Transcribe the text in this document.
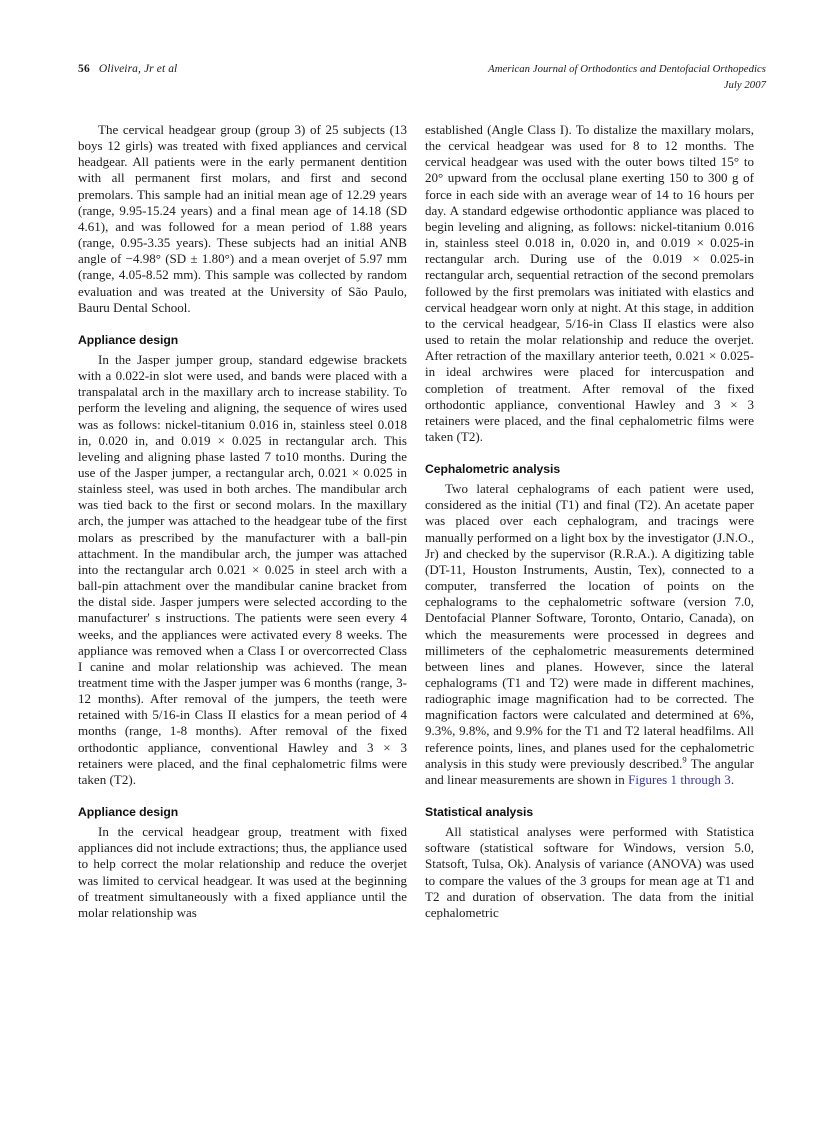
56 Oliveira, Jr et al	American Journal of Orthodontics and Dentofacial Orthopedics
July 2007

The cervical headgear group (group 3) of 25 subjects (13 boys 12 girls) was treated with fixed appliances and cervical headgear. All patients were in the early permanent dentition with all permanent first molars, and first and second premolars. This sample had an initial mean age of 12.29 years (range, 9.95-15.24 years) and a final mean age of 14.18 (SD 4.61), and was followed for a mean period of 1.88 years (range, 0.95-3.35 years). These subjects had an initial ANB angle of −4.98° (SD ± 1.80°) and a mean overjet of 5.97 mm (range, 4.05-8.52 mm). This sample was collected by random evaluation and was treated at the University of São Paulo, Bauru Dental School.

Appliance design

In the Jasper jumper group, standard edgewise brackets with a 0.022-in slot were used, and bands were placed with a transpalatal arch in the maxillary arch to increase stability. To perform the leveling and aligning, the sequence of wires used was as follows: nickel-titanium 0.016 in, stainless steel 0.018 in, 0.020 in, and 0.019 × 0.025 in rectangular arch. This leveling and aligning phase lasted 7 to10 months. During the use of the Jasper jumper, a rectangular arch, 0.021 × 0.025 in stainless steel, was used in both arches. The mandibular arch was tied back to the first or second molars. In the maxillary arch, the jumper was attached to the headgear tube of the first molars as prescribed by the manufacturer with a ball-pin attachment. In the mandibular arch, the jumper was attached into the rectangular arch 0.021 × 0.025 in steel arch with a ball-pin attachment over the mandibular canine bracket from the distal side. Jasper jumpers were selected according to the manufacturer' s instructions. The patients were seen every 4 weeks, and the appliances were activated every 8 weeks. The appliance was removed when a Class I or overcorrected Class I canine and molar relationship was achieved. The mean treatment time with the Jasper jumper was 6 months (range, 3-12 months). After removal of the jumpers, the teeth were retained with 5/16-in Class II elastics for a mean period of 4 months (range, 1-8 months). After removal of the fixed orthodontic appliance, conventional Hawley and 3 × 3 retainers were placed, and the final cephalometric films were taken (T2).

Appliance design

In the cervical headgear group, treatment with fixed appliances did not include extractions; thus, the appliance used to help correct the molar relationship and reduce the overjet was limited to cervical headgear. It was used at the beginning of treatment simultaneously with a fixed appliance until the molar relationship was

established (Angle Class I). To distalize the maxillary molars, the cervical headgear was used for 8 to 12 months. The cervical headgear was used with the outer bows tilted 15° to 20° upward from the occlusal plane exerting 150 to 300 g of force in each side with an average wear of 14 to 16 hours per day. A standard edgewise orthodontic appliance was placed to begin leveling and aligning, as follows: nickel-titanium 0.016 in, stainless steel 0.018 in, 0.020 in, and 0.019 × 0.025-in rectangular arch. During use of the 0.019 × 0.025-in rectangular arch, sequential retraction of the second premolars followed by the first premolars was initiated with elastics and cervical headgear worn only at night. At this stage, in addition to the cervical headgear, 5/16-in Class II elastics were also used to retain the molar relationship and reduce the overjet. After retraction of the maxillary anterior teeth, 0.021 × 0.025-in ideal archwires were placed for intercuspation and completion of treatment. After removal of the fixed orthodontic appliance, conventional Hawley and 3 × 3 retainers were placed, and the final cephalometric films were taken (T2).

Cephalometric analysis

Two lateral cephalograms of each patient were used, considered as the initial (T1) and final (T2). An acetate paper was placed over each cephalogram, and tracings were manually performed on a light box by the investigator (J.N.O., Jr) and checked by the supervisor (R.R.A.). A digitizing table (DT-11, Houston Instruments, Austin, Tex), connected to a computer, transferred the location of points on the cephalograms to the cephalometric software (version 7.0, Dentofacial Planner Software, Toronto, Ontario, Canada), on which the measurements were processed in degrees and millimeters of the cephalometric measurements determined between lines and planes. However, since the lateral cephalograms (T1 and T2) were made in different machines, radiographic image magnification had to be corrected. The magnification factors were calculated and determined at 6%, 9.3%, 9.8%, and 9.9% for the T1 and T2 lateral headfilms. All reference points, lines, and planes used for the cephalometric analysis in this study were previously described.$^9$ The angular and linear measurements are shown in Figures 1 through 3.

Statistical analysis

All statistical analyses were performed with Statistica software (statistical software for Windows, version 5.0, Statsoft, Tulsa, Ok). Analysis of variance (ANOVA) was used to compare the values of the 3 groups for mean age at T1 and T2 and duration of observation. The data from the initial cephalometric
